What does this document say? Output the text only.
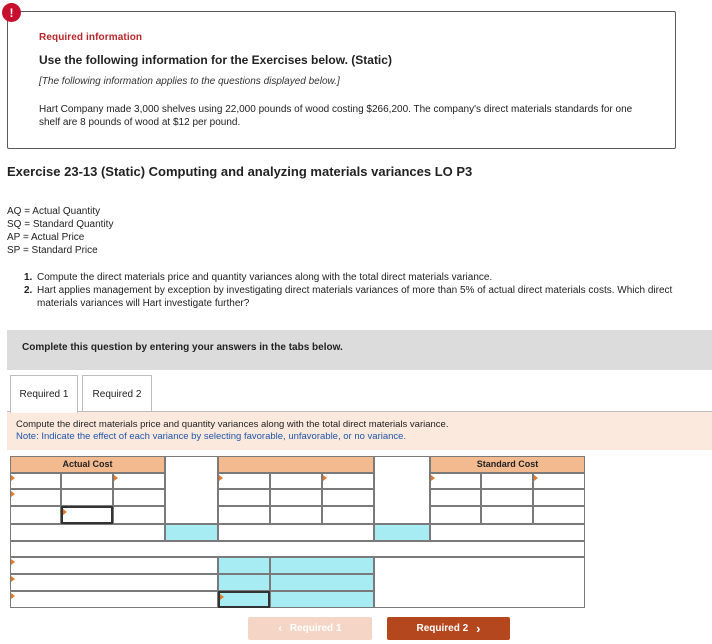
!
Required information
Use the following information for the Exercises below. (Static)
[The following information applies to the questions displayed below.]
Hart Company made 3,000 shelves using 22,000 pounds of wood costing $266,200. The company's direct materials standards for one shelf are 8 pounds of wood at $12 per pound.
Exercise 23-13 (Static) Computing and analyzing materials variances LO P3
AQ = Actual Quantity
SQ = Standard Quantity
AP = Actual Price
SP = Standard Price
1. Compute the direct materials price and quantity variances along with the total direct materials variance.
2. Hart applies management by exception by investigating direct materials variances of more than 5% of actual direct materials costs. Which direct materials variances will Hart investigate further?
Complete this question by entering your answers in the tabs below.
Required 1	Required 2
Compute the direct materials price and quantity variances along with the total direct materials variance.
Note: Indicate the effect of each variance by selecting favorable, unfavorable, or no variance.
Actual Cost	Standard Cost
‹ Required 1	Required 2 ›
